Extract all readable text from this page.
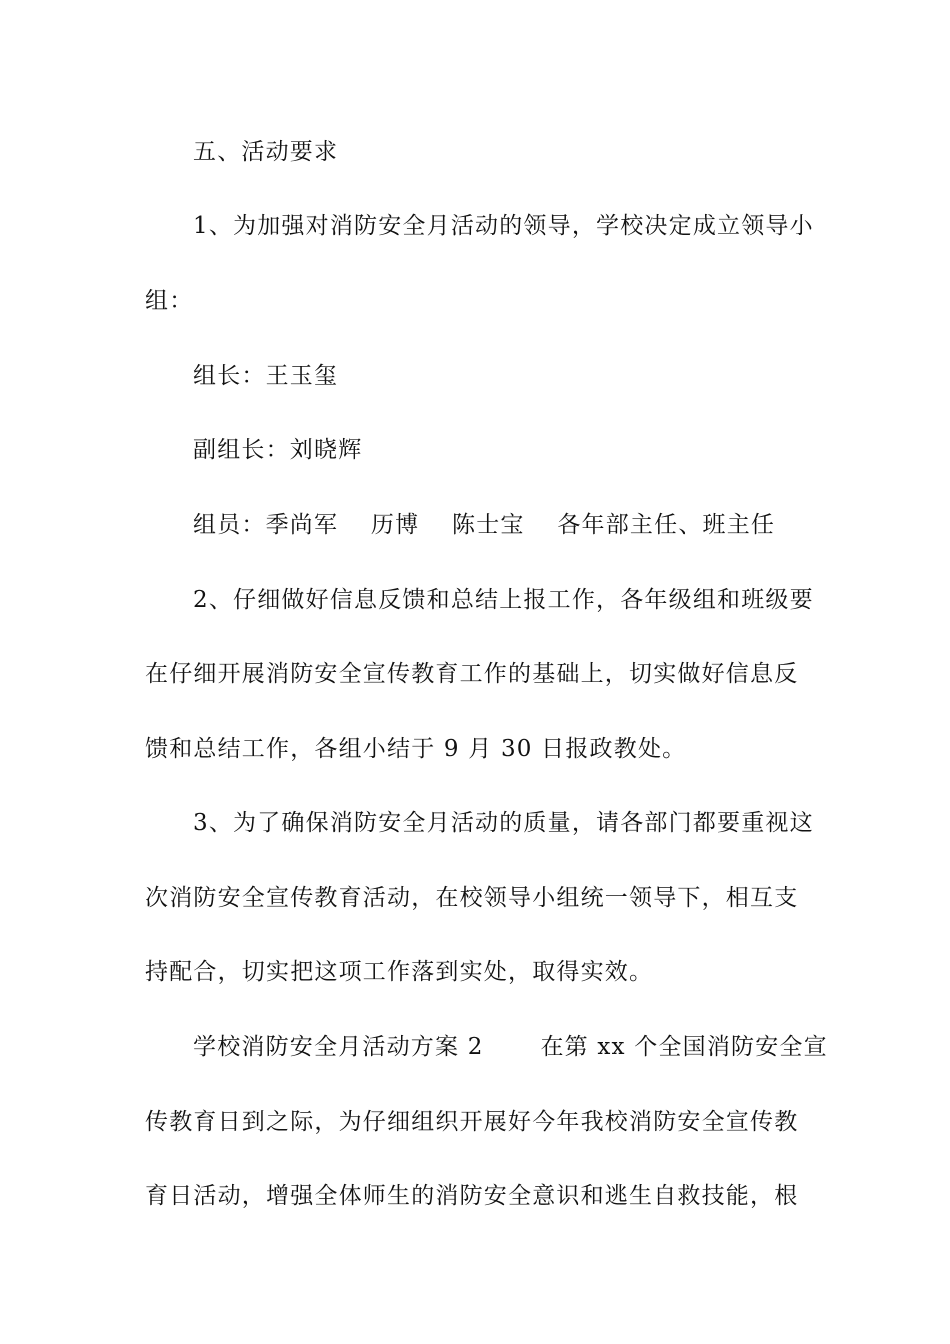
五、活动要求
1、为加强对消防安全月活动的领导，学校决定成立领导小
组：
组长：王玉玺
副组长：刘晓辉
组员：季尚军　 历博　 陈士宝　 各年部主任、班主任
2、仔细做好信息反馈和总结上报工作，各年级组和班级要
在仔细开展消防安全宣传教育工作的基础上，切实做好信息反
馈和总结工作，各组小结于 9 月 30 日报政教处。
3、为了确保消防安全月活动的质量，请各部门都要重视这
次消防安全宣传教育活动，在校领导小组统一领导下，相互支
持配合，切实把这项工作落到实处，取得实效。
学校消防安全月活动方案 2　　 在第 xx 个全国消防安全宣
传教育日到之际，为仔细组织开展好今年我校消防安全宣传教
育日活动，增强全体师生的消防安全意识和逃生自救技能，根
